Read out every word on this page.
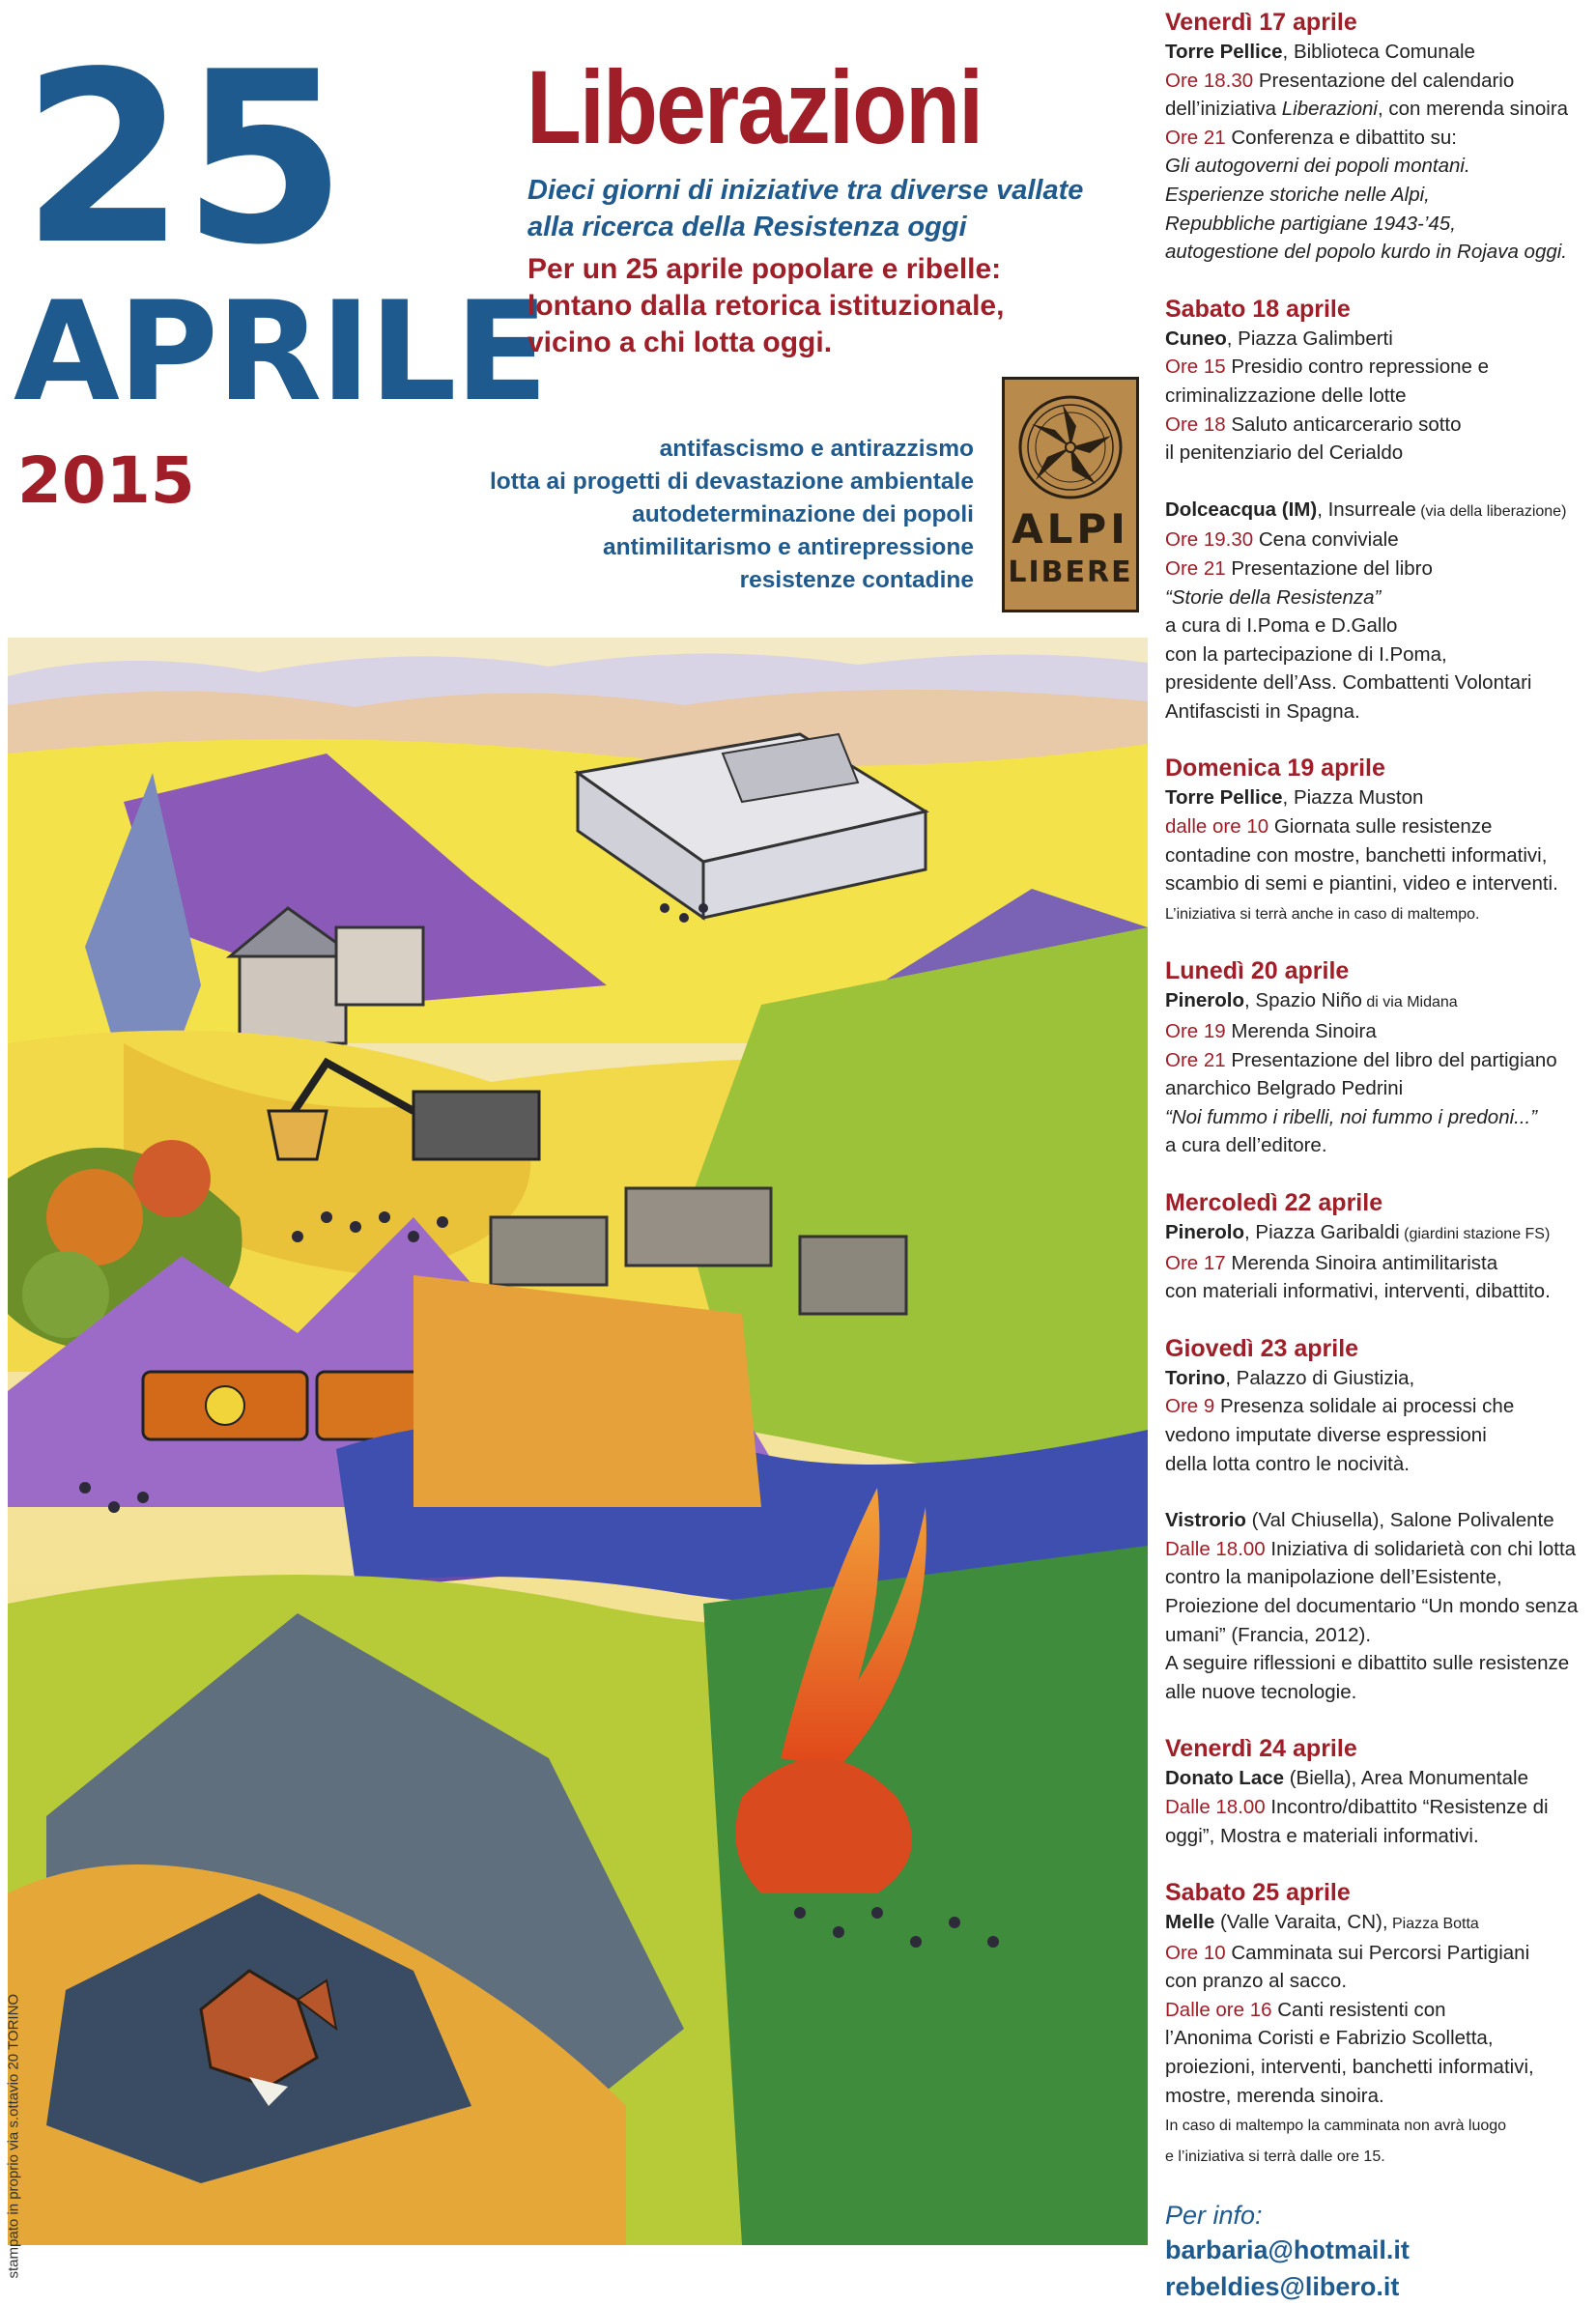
25
APRILE
2015
Liberazioni
Dieci giorni di iniziative tra diverse vallate
alla ricerca della Resistenza oggi
Per un 25 aprile popolare e ribelle:
lontano dalla retorica istituzionale,
vicino a chi lotta oggi.
antifascismo e antirazzismo
lotta ai progetti di devastazione ambientale
autodeterminazione dei popoli
antimilitarismo e antirepressione
resistenze contadine
ALPI
LIBERE
stampato in proprio via s.ottavio 20 TORINO
Venerdì 17 aprile
Torre Pellice, Biblioteca Comunale
Ore 18.30 Presentazione del calendario
dell’iniziativa Liberazioni, con merenda sinoira
Ore 21 Conferenza e dibattito su:
Gli autogoverni dei popoli montani.
Esperienze storiche nelle Alpi,
Repubbliche partigiane 1943-’45,
autogestione del popolo kurdo in Rojava oggi.
Sabato 18 aprile
Cuneo, Piazza Galimberti
Ore 15 Presidio contro repressione e
criminalizzazione delle lotte
Ore 18 Saluto anticarcerario sotto
il penitenziario del Cerialdo
Dolceacqua (IM), Insurreale (via della liberazione)
Ore 19.30 Cena conviviale
Ore 21 Presentazione del libro
“Storie della Resistenza”
a cura di I.Poma e D.Gallo
con la partecipazione di I.Poma,
presidente dell’Ass. Combattenti Volontari
Antifascisti in Spagna.
Domenica 19 aprile
Torre Pellice, Piazza Muston
dalle ore 10 Giornata sulle resistenze
contadine con mostre, banchetti informativi,
scambio di semi e piantini, video e interventi.
L’iniziativa si terrà anche in caso di maltempo.
Lunedì 20 aprile
Pinerolo, Spazio Niño di via Midana
Ore 19 Merenda Sinoira
Ore 21 Presentazione del libro del partigiano
anarchico Belgrado Pedrini
“Noi fummo i ribelli, noi fummo i predoni...”
a cura dell’editore.
Mercoledì 22 aprile
Pinerolo, Piazza Garibaldi (giardini stazione FS)
Ore 17 Merenda Sinoira antimilitarista
con materiali informativi, interventi, dibattito.
Giovedì 23 aprile
Torino, Palazzo di Giustizia,
Ore 9 Presenza solidale ai processi che
vedono imputate diverse espressioni
della lotta contro le nocività.
Vistrorio (Val Chiusella), Salone Polivalente
Dalle 18.00 Iniziativa di solidarietà con chi lotta
contro la manipolazione dell’Esistente,
Proiezione del documentario “Un mondo senza
umani” (Francia, 2012).
A seguire riflessioni e dibattito sulle resistenze
alle nuove tecnologie.
Venerdì 24 aprile
Donato Lace (Biella), Area Monumentale
Dalle 18.00 Incontro/dibattito “Resistenze di
oggi”, Mostra e materiali informativi.
Sabato 25 aprile
Melle (Valle Varaita, CN), Piazza Botta
Ore 10 Camminata sui Percorsi Partigiani
con pranzo al sacco.
Dalle ore 16 Canti resistenti con
l’Anonima Coristi e Fabrizio Scolletta,
proiezioni, interventi, banchetti informativi,
mostre, merenda sinoira.
In caso di maltempo la camminata non avrà luogo
e l’iniziativa si terrà dalle ore 15.
Per info:
barbaria@hotmail.it
rebeldies@libero.it
